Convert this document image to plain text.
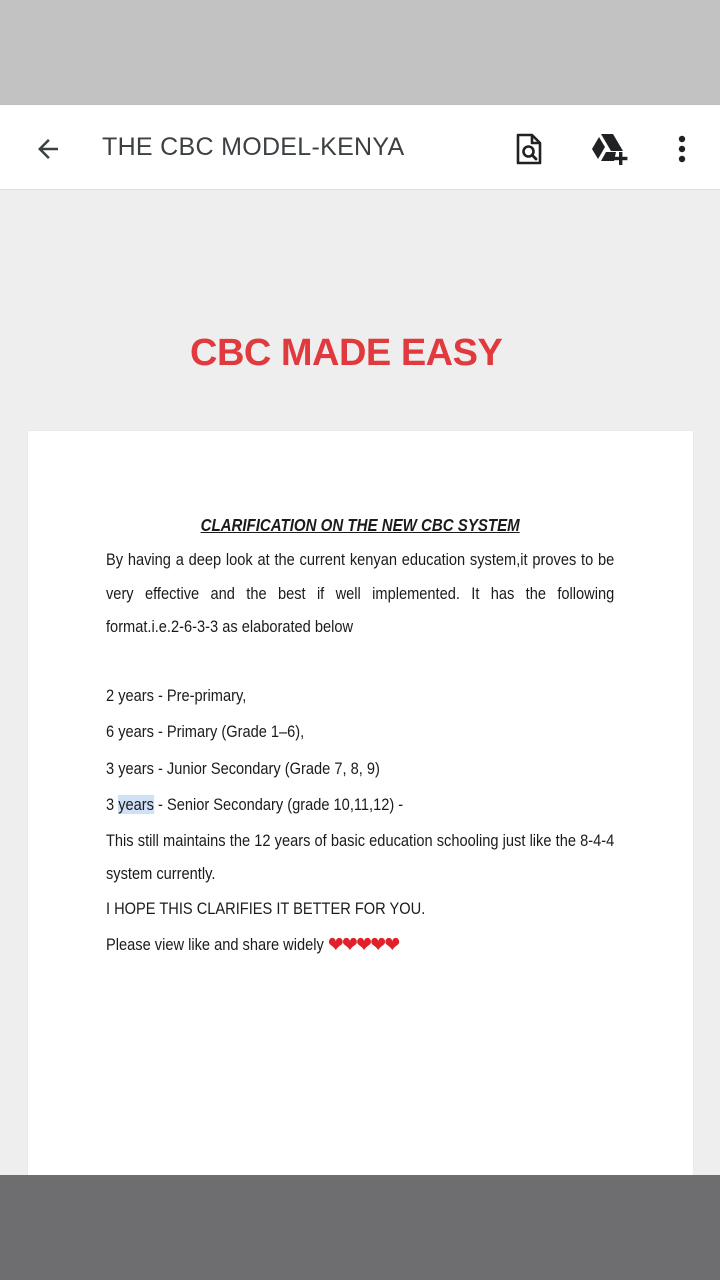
THE CBC MODEL-KENYA
CBC MADE EASY

CLARIFICATION ON THE NEW CBC SYSTEM

By having a deep look at the current kenyan education system,it proves to be very effective and the best if well implemented. It has the following format.i.e.2-6-3-3 as elaborated below

2 years - Pre-primary,

6 years - Primary (Grade 1–6),

3 years - Junior Secondary (Grade 7, 8, 9)

3 years - Senior Secondary (grade 10,11,12) -

This still maintains the 12 years of basic education schooling just like the 8-4-4 system currently.

I HOPE THIS CLARIFIES IT BETTER FOR YOU.

Please view like and share widely ❤❤❤❤❤
